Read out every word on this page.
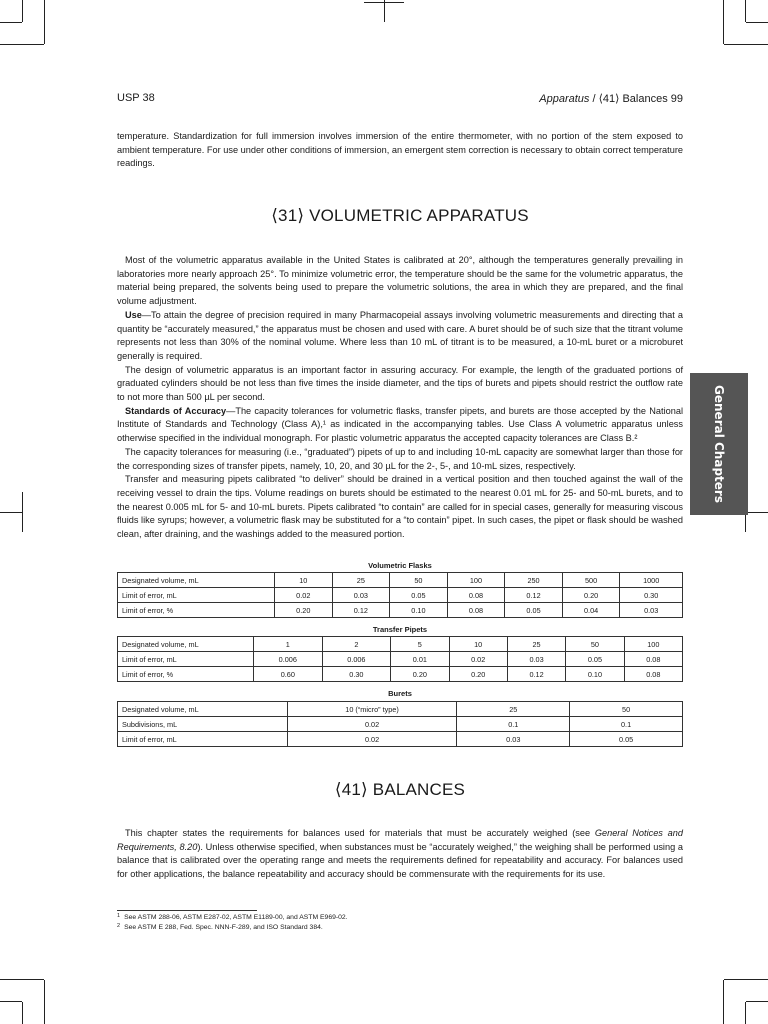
USP 38	Apparatus / ⟨41⟩ Balances 99
temperature. Standardization for full immersion involves immersion of the entire thermometer, with no portion of the stem exposed to ambient temperature. For use under other conditions of immersion, an emergent stem correction is necessary to obtain correct temperature readings.
⟨31⟩ VOLUMETRIC APPARATUS

Most of the volumetric apparatus available in the United States is calibrated at 20°, although the temperatures generally prevailing in laboratories more nearly approach 25°. To minimize volumetric error, the temperature should be the same for the volumetric apparatus, the material being prepared, the solvents being used to prepare the volumetric solutions, the area in which they are prepared, and the final volume adjustment.

Use—To attain the degree of precision required in many Pharmacopeial assays involving volumetric measurements and directing that a quantity be “accurately measured,” the apparatus must be chosen and used with care. A buret should be of such size that the titrant volume represents not less than 30% of the nominal volume. Where less than 10 mL of titrant is to be measured, a 10-mL buret or a microburet generally is required.

The design of volumetric apparatus is an important factor in assuring accuracy. For example, the length of the graduated portions of graduated cylinders should be not less than five times the inside diameter, and the tips of burets and pipets should restrict the outflow rate to not more than 500 µL per second.

Standards of Accuracy—The capacity tolerances for volumetric flasks, transfer pipets, and burets are those accepted by the National Institute of Standards and Technology (Class A),¹ as indicated in the accompanying tables. Use Class A volumetric apparatus unless otherwise specified in the individual monograph. For plastic volumetric apparatus the accepted capacity tolerances are Class B.²

The capacity tolerances for measuring (i.e., “graduated”) pipets of up to and including 10-mL capacity are somewhat larger than those for the corresponding sizes of transfer pipets, namely, 10, 20, and 30 µL for the 2-, 5-, and 10-mL sizes, respectively.

Transfer and measuring pipets calibrated “to deliver” should be drained in a vertical position and then touched against the wall of the receiving vessel to drain the tips. Volume readings on burets should be estimated to the nearest 0.01 mL for 25- and 50-mL burets, and to the nearest 0.005 mL for 5- and 10-mL burets. Pipets calibrated “to contain” are called for in special cases, generally for measuring viscous fluids like syrups; however, a volumetric flask may be substituted for a “to contain” pipet. In such cases, the pipet or flask should be washed clean, after draining, and the washings added to the measured portion.

Volumetric Flasks
Designated volume, mL	10	25	50	100	250	500	1000
Limit of error, mL	0.02	0.03	0.05	0.08	0.12	0.20	0.30
Limit of error, %	0.20	0.12	0.10	0.08	0.05	0.04	0.03
Transfer Pipets
Designated volume, mL	1	2	5	10	25	50	100
Limit of error, mL	0.006	0.006	0.01	0.02	0.03	0.05	0.08
Limit of error, %	0.60	0.30	0.20	0.20	0.12	0.10	0.08
Burets
Designated volume, mL	10 (“micro” type)	25	50
Subdivisions, mL	0.02	0.1	0.1
Limit of error, mL	0.02	0.03	0.05
⟨41⟩ BALANCES
This chapter states the requirements for balances used for materials that must be accurately weighed (see General Notices and Requirements, 8.20). Unless otherwise specified, when substances must be “accurately weighed,” the weighing shall be performed using a balance that is calibrated over the operating range and meets the requirements defined for repeatability and accuracy. For balances used for other applications, the balance repeatability and accuracy should be commensurate with the requirements for its use.
$^1$ See ASTM 288-06, ASTM E287-02, ASTM E1189-00, and ASTM E969-02.
$^2$ See ASTM E 288, Fed. Spec. NNN-F-289, and ISO Standard 384.
General Chapters
